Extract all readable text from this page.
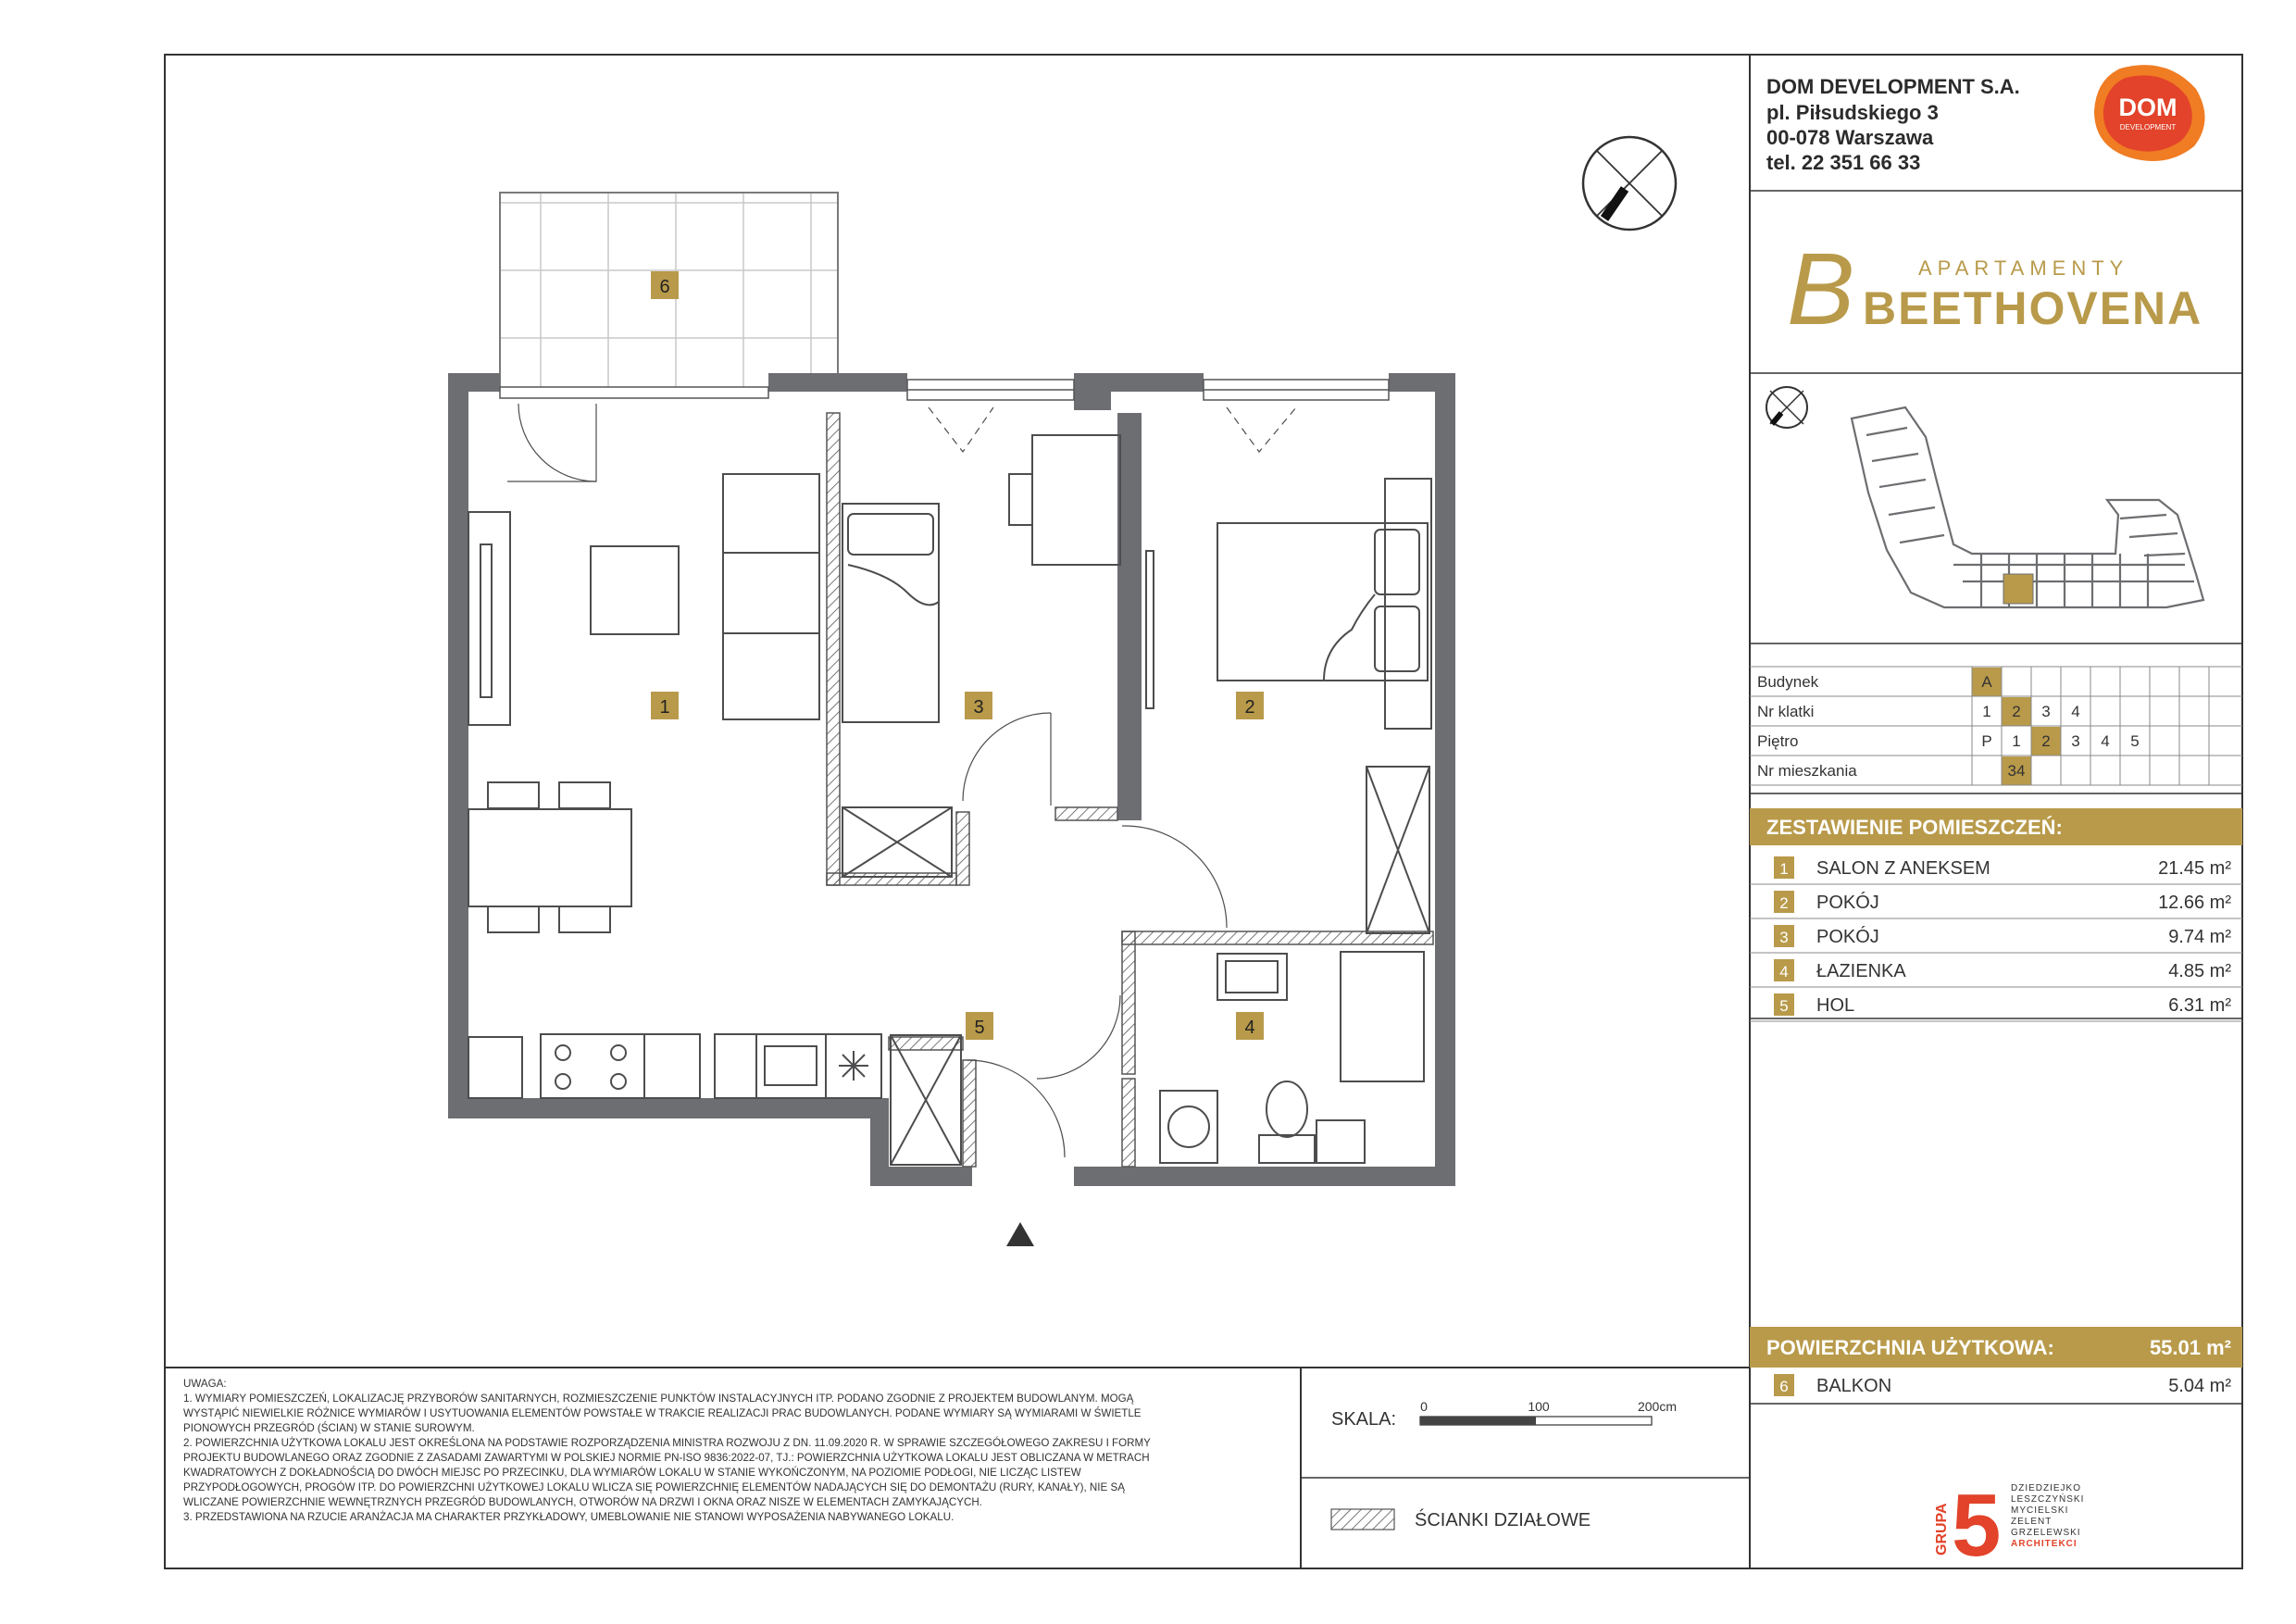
DOM DEVELOPMENT S.A.
pl. Piłsudskiego 3
00-078 Warszawa
tel. 22 351 66 33
DOM
DEVELOPMENT
B	APARTAMENTY
BEETHOVENA
Budynek	A
Nr klatki	1 2 3 4
Piętro	P 1 2 3 4 5
Nr mieszkania	34
ZESTAWIENIE POMIESZCZEŃ:
1 SALON Z ANEKSEM	21.45 m²
2 POKÓJ	12.66 m²
3 POKÓJ	9.74 m²
4 ŁAZIENKA	4.85 m²
5 HOL	6.31 m²
POWIERZCHNIA UŻYTKOWA:	55.01 m²
6 BALKON	5.04 m²
1	2
3
4
5
6
UWAGA:
1. WYMIARY POMIESZCZEŃ, LOKALIZACJĘ PRZYBORÓW SANITARNYCH, ROZMIESZCZENIE PUNKTÓW INSTALACYJNYCH ITP. PODANO ZGODNIE Z PROJEKTEM BUDOWLANYM. MOGĄ
WYSTĄPIĆ NIEWIELKIE RÓŻNICE WYMIARÓW I USYTUOWANIA ELEMENTÓW POWSTAŁE W TRAKCIE REALIZACJI PRAC BUDOWLANYCH. PODANE WYMIARY SĄ WYMIARAMI W ŚWIETLE
PIONOWYCH PRZEGRÓD (ŚCIAN) W STANIE SUROWYM.
2. POWIERZCHNIA UŻYTKOWA LOKALU JEST OKREŚLONA NA PODSTAWIE ROZPORZĄDZENIA MINISTRA ROZWOJU Z DN. 11.09.2020 R. W SPRAWIE SZCZEGÓŁOWEGO ZAKRESU I FORMY
PROJEKTU BUDOWLANEGO ORAZ ZGODNIE Z ZASADAMI ZAWARTYMI W POLSKIEJ NORMIE PN-ISO 9836:2022-07, TJ.: POWIERZCHNIA UŻYTKOWA LOKALU JEST OBLICZANA W METRACH
KWADRATOWYCH Z DOKŁADNOŚCIĄ DO DWÓCH MIEJSC PO PRZECINKU, DLA WYMIARÓW LOKALU W STANIE WYKOŃCZONYM, NA POZIOMIE PODŁOGI, NIE LICZĄC LISTEW
PRZYPODŁOGOWYCH, PROGÓW ITP. DO POWIERZCHNI UŻYTKOWEJ LOKALU WLICZA SIĘ POWIERZCHNIĘ ELEMENTÓW NADAJĄCYCH SIĘ DO DEMONTAŻU (RURY, KANAŁY), NIE SĄ
WLICZANE POWIERZCHNIE WEWNĘTRZNYCH PRZEGRÓD BUDOWLANYCH, OTWORÓW NA DRZWI I OKNA ORAZ NISZE W ELEMENTACH ZAMYKAJĄCYCH.
3. PRZEDSTAWIONA NA RZUCIE ARANŻACJA MA CHARAKTER PRZYKŁADOWY, UMEBLOWANIE NIE STANOWI WYPOSAŻENIA NABYWANEGO LOKALU.
SKALA:
0	100	200cm
ŚCIANKI DZIAŁOWE	GRUPA 5 DZIEDZIEJKO
LESZCZYŃSKI
MYCIELSKI
ZELENT
GRZELEWSKI
ARCHITEKCI
